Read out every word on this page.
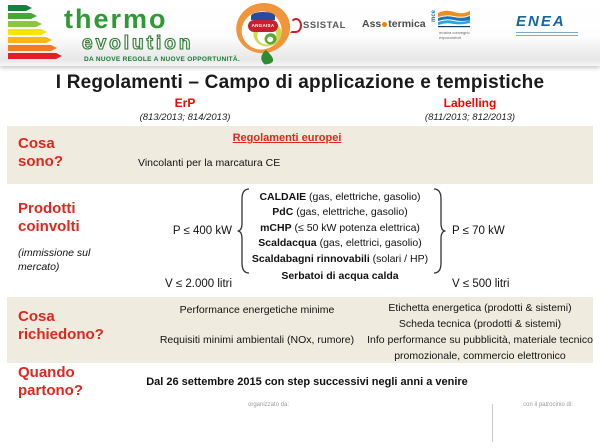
thermo
evolution
DA NUOVE REGOLE A NUOVE OPPORTUNITÀ.
I Regolamenti – Campo di applicazione e tempistiche
ErP
(813/2013; 814/2013)
Labelling
(811/2013; 812/2013)
Cosa sono?
Regolamenti europei
Vincolanti per la marcatura CE
Prodotti coinvolti
(immissione sul mercato)
P ≤ 400 kW
V ≤ 2.000 litri
CALDAIE (gas, elettriche, gasolio)
PdC (gas, elettriche, gasolio)
mCHP (≤ 50 kW potenza elettrica)
Scaldacqua (gas, elettrici, gasolio)
Scaldabagni rinnovabili (solari / HP)
Serbatoi di acqua calda
P ≤ 70 kW
V ≤ 500 litri
Cosa richiedono?
Performance energetiche minime
Requisiti minimi ambientali (NOx, rumore)
Etichetta energetica (prodotti & sistemi)
Scheda tecnica (prodotti & sistemi)
Info performance su pubblicità, materiale tecnico promozionale, commercio elettronico
Quando partono?	Dal 26 settembre 2015 con step successivi negli anni a venire
organizzato da:
ANGAISA	SSISTAL Ass termica
mce
mostra convegno expocomfort
con il patrocinio di:
ENEA
